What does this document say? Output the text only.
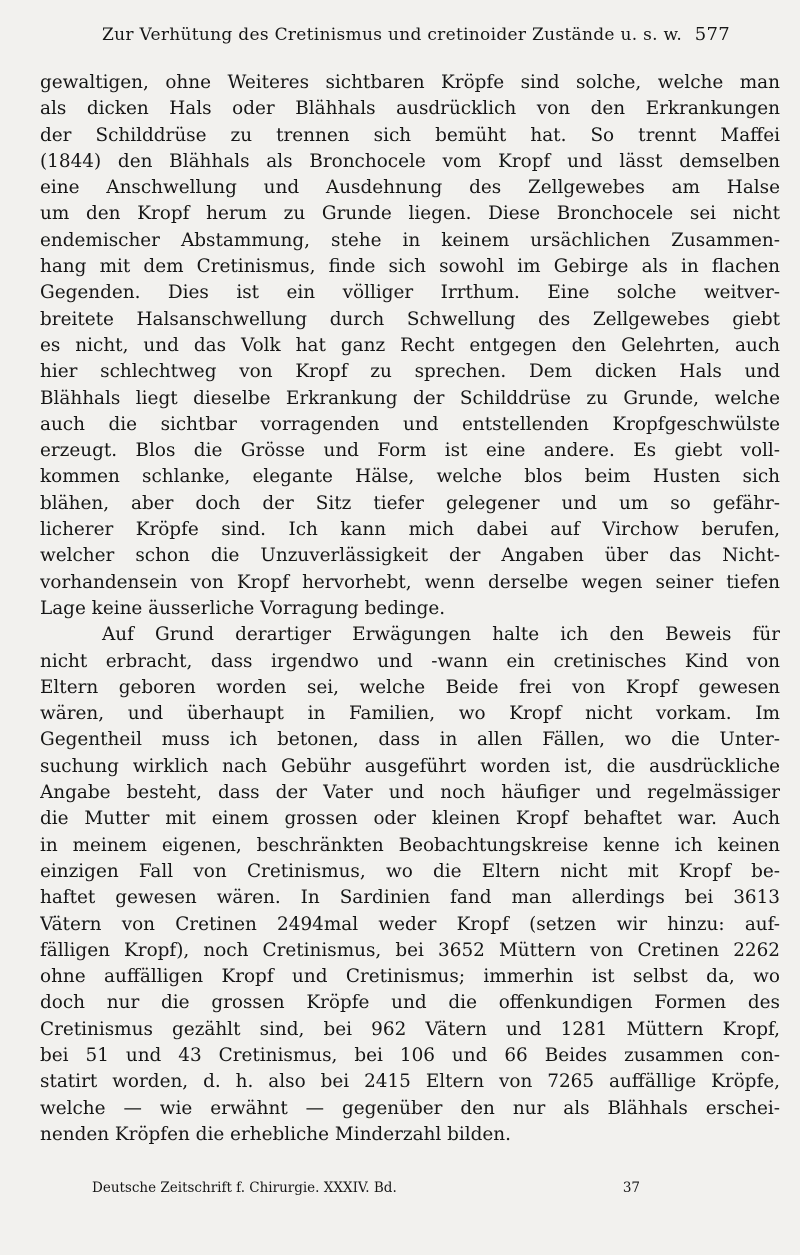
Zur Verhütung des Cretinismus und cretinoider Zustände u. s. w. 577
gewaltigen, ohne Weiteres sichtbaren Kröpfe sind solche, welche man
als dicken Hals oder Blähhals ausdrücklich von den Erkrankungen
der Schilddrüse zu trennen sich bemüht hat. So trennt Maffei
(1844) den Blähhals als Bronchocele vom Kropf und lässt demselben
eine Anschwellung und Ausdehnung des Zellgewebes am Halse
um den Kropf herum zu Grunde liegen. Diese Bronchocele sei nicht
endemischer Abstammung, stehe in keinem ursächlichen Zusammen-
hang mit dem Cretinismus, finde sich sowohl im Gebirge als in flachen
Gegenden. Dies ist ein völliger Irrthum. Eine solche weitver-
breitete Halsanschwellung durch Schwellung des Zellgewebes giebt
es nicht, und das Volk hat ganz Recht entgegen den Gelehrten, auch
hier schlechtweg von Kropf zu sprechen. Dem dicken Hals und
Blähhals liegt dieselbe Erkrankung der Schilddrüse zu Grunde, welche
auch die sichtbar vorragenden und entstellenden Kropfgeschwülste
erzeugt. Blos die Grösse und Form ist eine andere. Es giebt voll-
kommen schlanke, elegante Hälse, welche blos beim Husten sich
blähen, aber doch der Sitz tiefer gelegener und um so gefähr-
licherer Kröpfe sind. Ich kann mich dabei auf Virchow berufen,
welcher schon die Unzuverlässigkeit der Angaben über das Nicht-
vorhandensein von Kropf hervorhebt, wenn derselbe wegen seiner tiefen
Lage keine äusserliche Vorragung bedinge.
Auf Grund derartiger Erwägungen halte ich den Beweis für
nicht erbracht, dass irgendwo und -wann ein cretinisches Kind von
Eltern geboren worden sei, welche Beide frei von Kropf gewesen
wären, und überhaupt in Familien, wo Kropf nicht vorkam. Im
Gegentheil muss ich betonen, dass in allen Fällen, wo die Unter-
suchung wirklich nach Gebühr ausgeführt worden ist, die ausdrückliche
Angabe besteht, dass der Vater und noch häufiger und regelmässiger
die Mutter mit einem grossen oder kleinen Kropf behaftet war. Auch
in meinem eigenen, beschränkten Beobachtungskreise kenne ich keinen
einzigen Fall von Cretinismus, wo die Eltern nicht mit Kropf be-
haftet gewesen wären. In Sardinien fand man allerdings bei 3613
Vätern von Cretinen 2494mal weder Kropf (setzen wir hinzu: auf-
fälligen Kropf), noch Cretinismus, bei 3652 Müttern von Cretinen 2262
ohne auffälligen Kropf und Cretinismus; immerhin ist selbst da, wo
doch nur die grossen Kröpfe und die offenkundigen Formen des
Cretinismus gezählt sind, bei 962 Vätern und 1281 Müttern Kropf,
bei 51 und 43 Cretinismus, bei 106 und 66 Beides zusammen con-
statirt worden, d. h. also bei 2415 Eltern von 7265 auffällige Kröpfe,
welche — wie erwähnt — gegenüber den nur als Blähhals erschei-
nenden Kröpfen die erhebliche Minderzahl bilden.
Deutsche Zeitschrift f. Chirurgie. XXXIV. Bd.	37
